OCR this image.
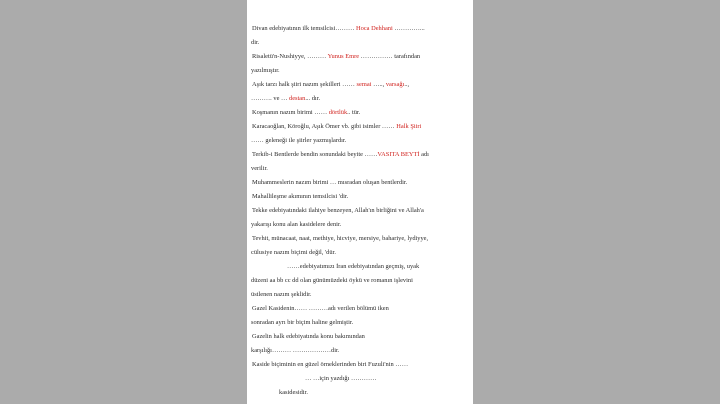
Divan edebiyatının ilk temsilcisi……… Hoca Dehhani …………...
dir.
Risaletü'n-Nushiyye, ……… Yunus Emre …………… tarafından
yazılmıştır.
Aşık tarzı halk şiiri nazım şekilleri …… semai ….., varsağı..,
………. ve … destan... dır.
Koşmanın nazım birimi …… dörtlük.. tür.
Karacaoğlan, Köroğlu, Aşık Ömer vb. gibi isimler …… Halk Şiiri
…… geleneği ile şiirler yazmışlardır.
Terkib-i Bentlerde bendin sonundaki beyite ……VASITA BEYTİ adı
verilir.
Muhammeslerin nazım birimi … mısradan oluşan bentlerdir.
Mahallileşme akımının temsilcisi 'dir.
Tekke edebiyatındaki ilahiye benzeyen, Allah'ın birliğini ve Allah'a
yakarışı konu alan kasidelere denir.
Tevhit, münacaat, naat, methiye, hicviye, mersiye, bahariye, lydiyye,
cülusiye nazım biçimi değil, 'dür.
……edebiyatımızı İran edebiyatından geçmiş, uyak
düzeni aa bb cc dd olan günümüzdeki öykü ve romanın işlevini
üstlenen nazım şeklidir.
Gazel Kasidenin…… ………adı verilen bölümü iken
sonradan ayrı bir biçim haline gelmiştir.
Gazelin halk edebiyatında konu bakımından
karşılığı……… ………………dir.
Kaside biçiminin en güzel örneklerinden biri Fuzuli'nin ……
… …için yazdığı …………
kasidesidir.
